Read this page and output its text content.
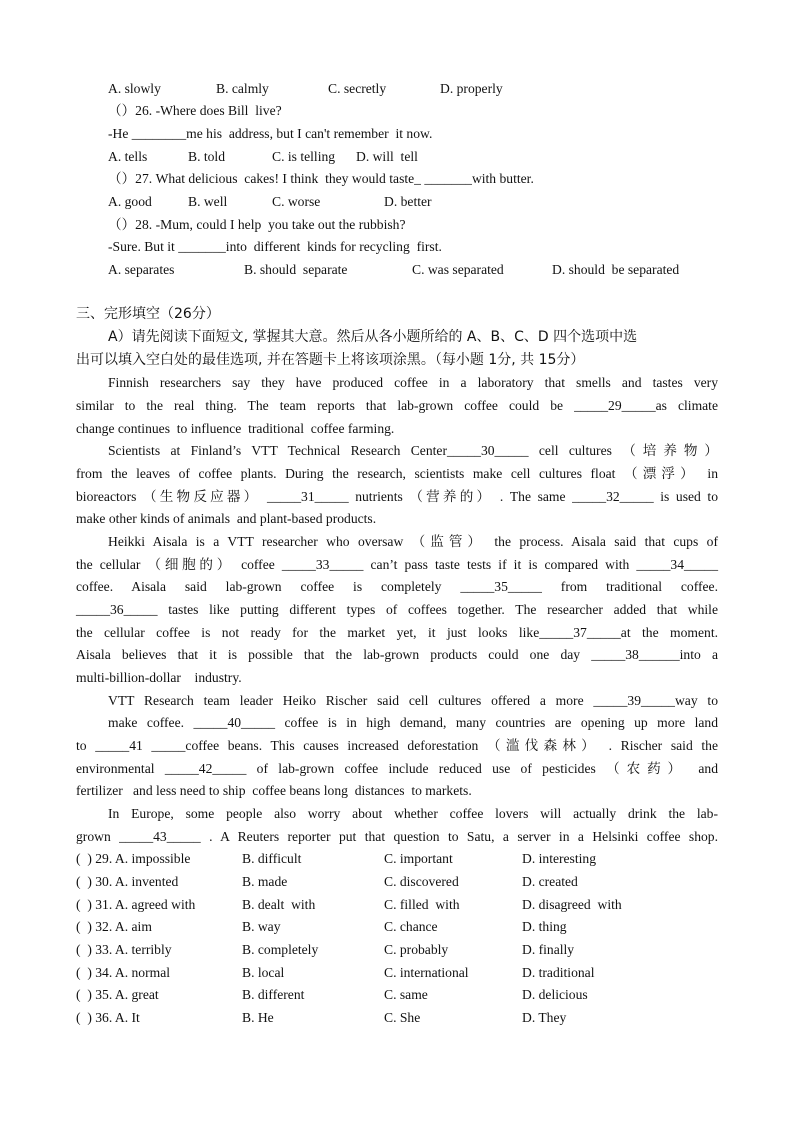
A. slowly	B. calmly	C. secretly	D. properly
（）26. -Where does Bill  live?
-He ________me his  address, but I can't remember  it now.
A. tells	B. told	C. is telling D. will  tell
（）27. What delicious  cakes! I think  they would taste_ _______with butter.
A. good	B. well	C. worse	D. better
（）28. -Mum, could I help  you take out the rubbish?
-Sure. But it _______into  different  kinds for recycling  first.
A. separates	B. should  separate	C. was separated	D. should  be separated
三、完形填空（26分）
A）请先阅读下面短文, 掌握其大意。然后从各小题所给的 A、B、C、D 四个选项中选
出可以填入空白处的最佳选项, 并在答题卡上将该项涂黑。（每小题 1分, 共 15分）
Finnish researchers say they have produced coffee in a laboratory that smells and tastes very
similar to the real thing. The team reports that lab-grown coffee could be _____29_____as climate
change continues  to influence  traditional  coffee farming.
Scientists at Finland’s VTT Technical Research Center_____30_____ cell cultures （培养物）
from the leaves of coffee plants. During the research, scientists make cell cultures float （漂浮） in
bioreactors （生物反应器） _____31_____ nutrients （营养的） . The same _____32_____ is used to
make other kinds of animals  and plant-based products.
Heikki Aisala is a VTT researcher who oversaw （监管） the process. Aisala said that cups of
the cellular （细胞的） coffee _____33_____ can’t pass taste tests if it is compared with _____34_____
coffee. Aisala said lab-grown coffee is completely _____35_____ from traditional coffee.
_____36_____ tastes like putting different types of coffees together. The researcher added that while
the cellular coffee is not ready for the market yet, it just looks like_____37_____at the moment.
Aisala believes that it is possible that the lab-grown products could one day _____38______into a
multi-billion-dollar    industry.
VTT Research team leader Heiko Rischer said cell cultures offered a more _____39_____way to
make coffee. _____40_____ coffee is in high demand, many countries are opening up more land
to _____41 _____coffee beans. This causes increased deforestation （滥伐森林） . Rischer said the
environmental _____42_____ of lab-grown coffee include reduced use of pesticides （农药） and
fertilizer   and less need to ship  coffee beans long  distances  to markets.
In Europe, some people also worry about whether coffee lovers will actually drink the lab-
grown _____43_____ . A Reuters reporter put that question to Satu, a server in a Helsinki coffee shop.
(  ) 29. A. impossible	B. difficult	C. important	D. interesting
(  ) 30. A. invented	B. made	C. discovered	D. created
(  ) 31. A. agreed with	B. dealt  with	C. filled  with	D. disagreed  with
(  ) 32. A. aim	B. way	C. chance	D. thing
(  ) 33. A. terribly	B. completely	C. probably	D. finally
(  ) 34. A. normal	B. local	C. international	D. traditional
(  ) 35. A. great	B. different	C. same	D. delicious
(  ) 36. A. It	B. He	C. She	D. They
